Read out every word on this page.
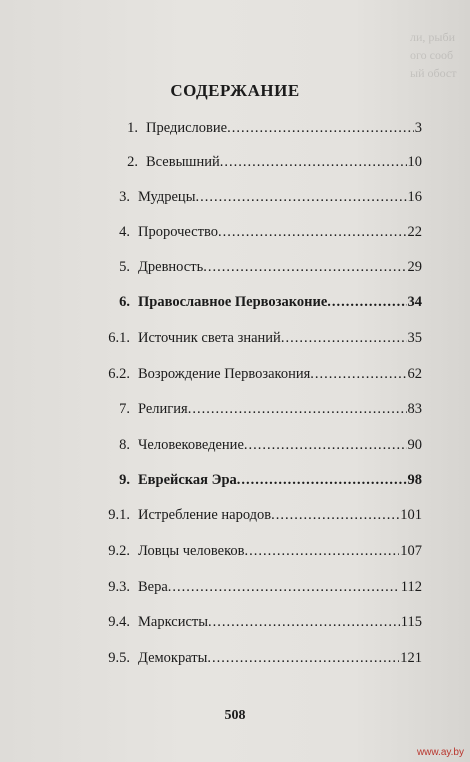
ли, рыби
ого сооб
ый обост
СОДЕРЖАНИЕ
1. Предисловие .....	3
2. Всевышний .....	10
3. Мудрецы .....	16
4. Пророчество .....	22
5. Древность .....	29
6. Православное Первозаконие .....	34
6.1. Источник света знаний .....	35
6.2. Возрождение Первозакония .....	62
7. Религия .....	83
8. Человековедение .....	90
9. Еврейская Эра .....	98
9.1. Истребление народов .....	101
9.2. Ловцы человеков .....	107
9.3. Вера .....	112
9.4. Марксисты .....	115
9.5. Демократы .....	121
508
www.ay.by
